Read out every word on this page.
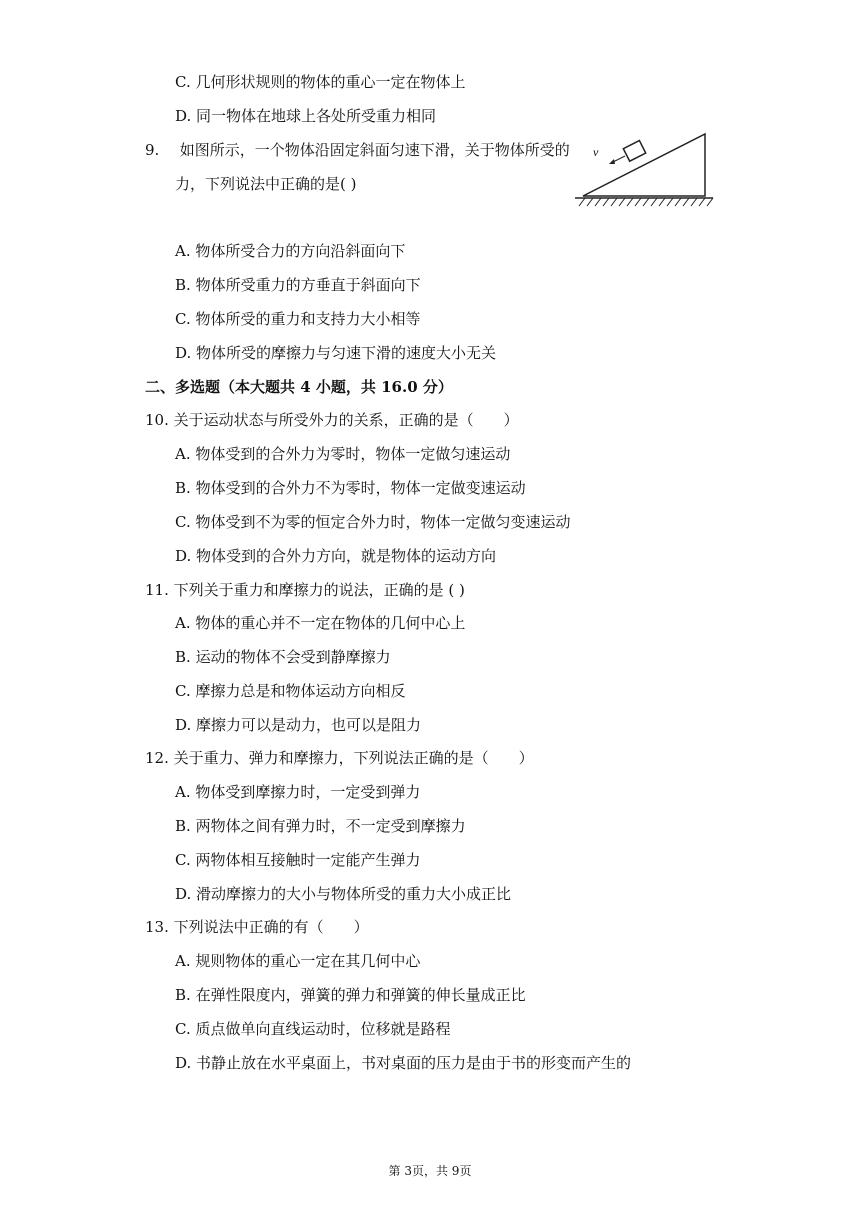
C. 几何形状规则的物体的重心一定在物体上
D. 同一物体在地球上各处所受重力相同
9. 如图所示，一个物体沿固定斜面匀速下滑，关于物体所受的
力，下列说法中正确的是( )
v
A. 物体所受合力的方向沿斜面向下
B. 物体所受重力的方垂直于斜面向下
C. 物体所受的重力和支持力大小相等
D. 物体所受的摩擦力与匀速下滑的速度大小无关
二、多选题（本大题共 4 小题，共 16.0 分）
10. 关于运动状态与所受外力的关系，正确的是（　　）
A. 物体受到的合外力为零时，物体一定做匀速运动
B. 物体受到的合外力不为零时，物体一定做变速运动
C. 物体受到不为零的恒定合外力时，物体一定做匀变速运动
D. 物体受到的合外力方向，就是物体的运动方向
11. 下列关于重力和摩擦力的说法，正确的是 ( )
A. 物体的重心并不一定在物体的几何中心上
B. 运动的物体不会受到静摩擦力
C. 摩擦力总是和物体运动方向相反
D. 摩擦力可以是动力，也可以是阻力
12. 关于重力、弹力和摩擦力，下列说法正确的是（　　）
A. 物体受到摩擦力时，一定受到弹力
B. 两物体之间有弹力时，不一定受到摩擦力
C. 两物体相互接触时一定能产生弹力
D. 滑动摩擦力的大小与物体所受的重力大小成正比
13. 下列说法中正确的有（　　）
A. 规则物体的重心一定在其几何中心
B. 在弹性限度内，弹簧的弹力和弹簧的伸长量成正比
C. 质点做单向直线运动时，位移就是路程
D. 书静止放在水平桌面上，书对桌面的压力是由于书的形变而产生的
第 3页，共 9页
